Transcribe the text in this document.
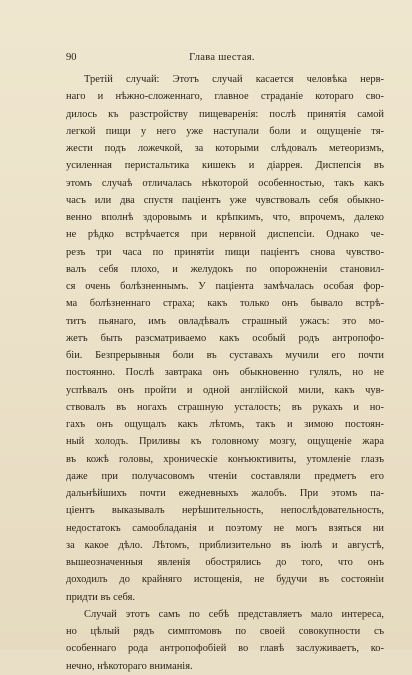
90	Глава шестая.
Третій случай: Этотъ случай касается человѣка нерв-
наго и нѣжно-сложеннаго, главное страданіе котораго сво-
дилось къ разстройству пищеваренія: послѣ принятія самой
легкой пищи у него уже наступали боли и ощущеніе тя-
жести подъ ложечкой, за которыми слѣдовалъ метеоризмъ,
усиленная перистальтика кишекъ и діаррея. Диспепсія въ
этомъ случаѣ отличалась нѣкоторой особенностью, такъ какъ
часъ или два спустя паціентъ уже чувствовалъ себя обыкно-
венно вполнѣ здоровымъ и крѣпкимъ, что, впрочемъ, далеко
не рѣдко встрѣчается при нервной диспепсіи. Однако че-
резъ три часа по принятіи пищи паціентъ снова чувство-
валъ себя плохо, и желудокъ по опорожненіи становил-
ся очень болѣзненнымъ. У паціента замѣчалась особая фор-
ма болѣзненнаго страха; какъ только онъ бывало встрѣ-
титъ пьянаго, имъ овладѣвалъ страшный ужасъ: это мо-
жетъ быть разсматриваемо какъ особый родъ антропофо-
біи. Безпрерывныя боли въ суставахъ мучили его почти
постоянно. Послѣ завтрака онъ обыкновенно гулялъ, но не
успѣвалъ онъ пройти и одной англійской мили, какъ чув-
ствовалъ въ ногахъ страшную усталость; въ рукахъ и но-
гахъ онъ ощущалъ какъ лѣтомъ, такъ и зимою постоян-
ный холодъ. Приливы къ головному мозгу, ощущеніе жара
въ кожѣ головы, хроническіе конъюктивиты, утомленіе глазъ
даже при получасовомъ чтеніи составляли предметъ его
дальнѣйшихъ почти ежедневныхъ жалобъ. При этомъ па-
ціентъ выказывалъ нерѣшительность, непослѣдовательность,
недостатокъ самообладанія и поэтому не могъ взяться ни
за какое дѣло. Лѣтомъ, приблизительно въ іюлѣ и августѣ,
вышеозначенныя явленія обострялись до того, что онъ
доходилъ до крайняго истощенія, не будучи въ состояніи
придти въ себя.
Случай этотъ самъ по себѣ представляетъ мало интереса,
но цѣлый рядъ симптомовъ по своей совокупности съ
особеннаго рода антропофобіей во главѣ заслуживаетъ, ко-
нечно, нѣкотораго вниманія.
